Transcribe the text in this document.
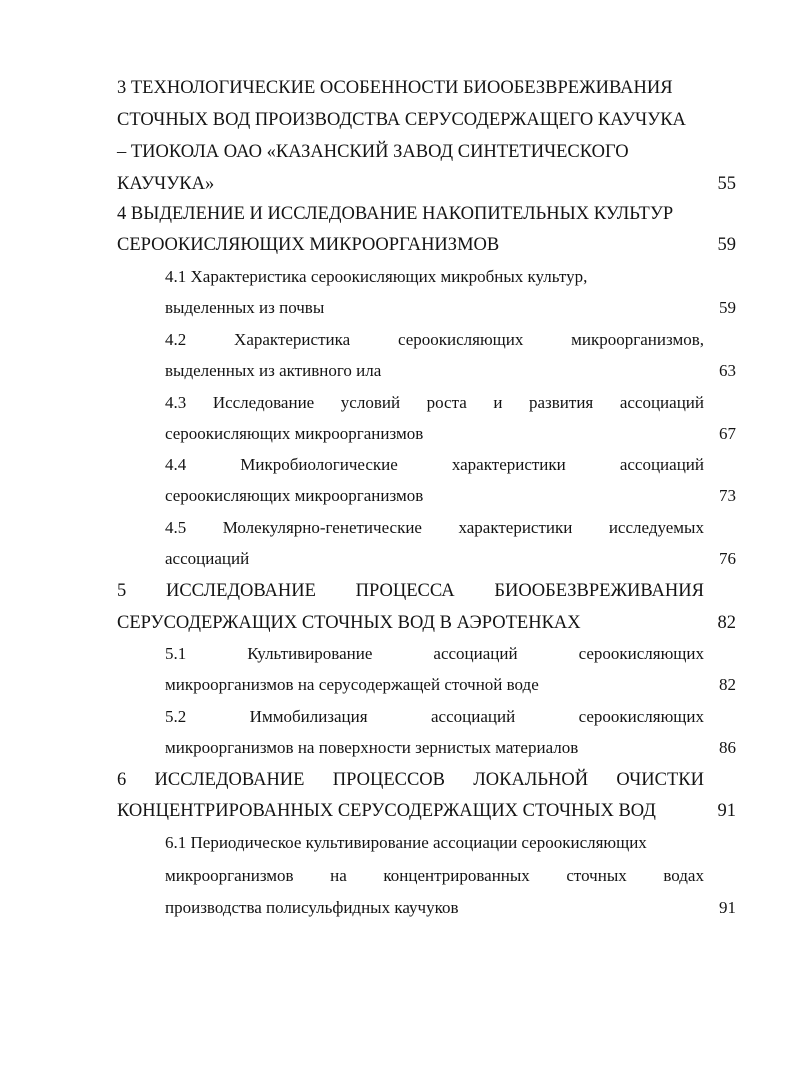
3 ТЕХНОЛОГИЧЕСКИЕ ОСОБЕННОСТИ БИООБЕЗВРЕЖИВАНИЯ
СТОЧНЫХ ВОД ПРОИЗВОДСТВА СЕРУСОДЕРЖАЩЕГО КАУЧУКА
– ТИОКОЛА ОАО «КАЗАНСКИЙ ЗАВОД СИНТЕТИЧЕСКОГО
КАУЧУКА»	55
4 ВЫДЕЛЕНИЕ И ИССЛЕДОВАНИЕ НАКОПИТЕЛЬНЫХ КУЛЬТУР
СЕРООКИСЛЯЮЩИХ МИКРООРГАНИЗМОВ	59
4.1 Характеристика сероокисляющих микробных культур,
выделенных из почвы	59
4.2	Характеристика	сероокисляющих	микроорганизмов,
выделенных из активного ила	63
4.3 Исследование условий роста и развития ассоциаций
сероокисляющих микроорганизмов	67
4.4	Микробиологические	характеристики	ассоциаций
сероокисляющих микроорганизмов	73
4.5 Молекулярно-генетические характеристики исследуемых
ассоциаций	76
5 ИССЛЕДОВАНИЕ ПРОЦЕССА БИООБЕЗВРЕЖИВАНИЯ
СЕРУСОДЕРЖАЩИХ СТОЧНЫХ ВОД В АЭРОТЕНКАХ	82
5.1	Культивирование	ассоциаций	сероокисляющих
микроорганизмов на серусодержащей сточной воде	82
5.2	Иммобилизация	ассоциаций	сероокисляющих
микроорганизмов на поверхности зернистых материалов	86
6 ИССЛЕДОВАНИЕ ПРОЦЕССОВ ЛОКАЛЬНОЙ ОЧИСТКИ
КОНЦЕНТРИРОВАННЫХ СЕРУСОДЕРЖАЩИХ СТОЧНЫХ ВОД	91
6.1 Периодическое культивирование ассоциации сероокисляющих
микроорганизмов на концентрированных сточных водах
производства полисульфидных каучуков	91
